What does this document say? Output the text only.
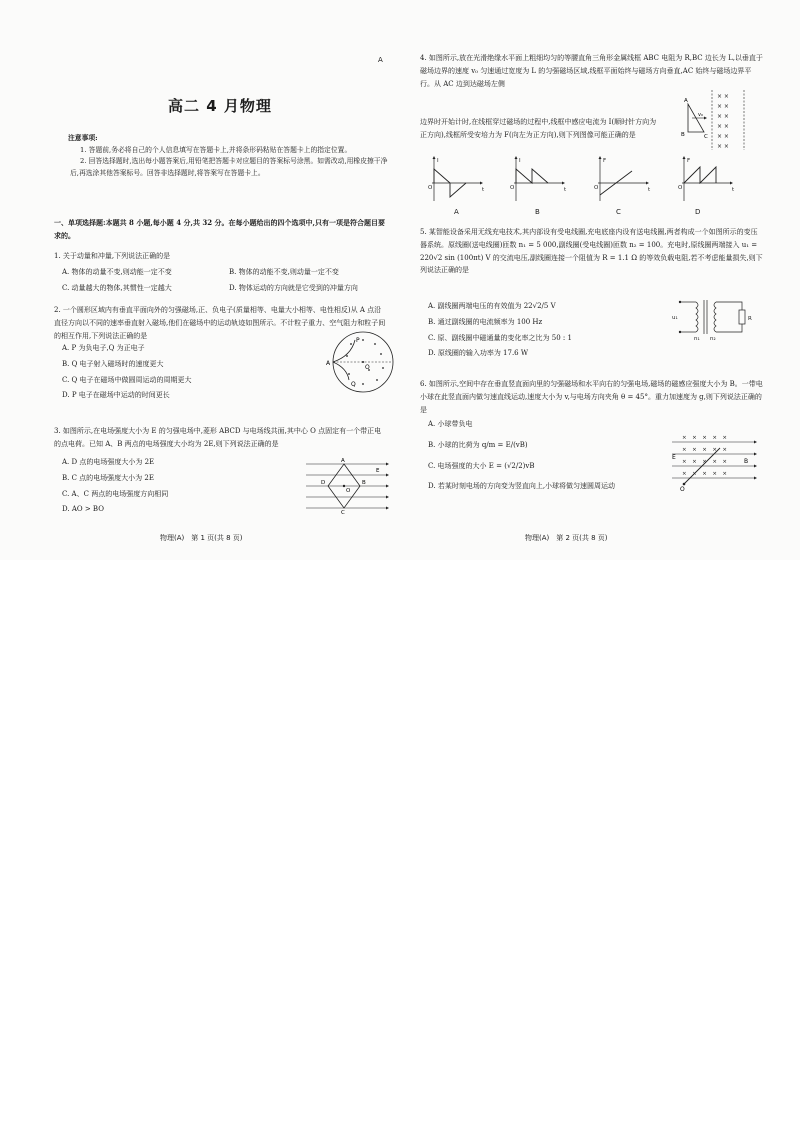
A
高二 4 月物理
注意事项:

1. 答题前,务必将自己的个人信息填写在答题卡上,并将条形码粘贴在答题卡上的指定位置。

2. 回答选择题时,选出每小题答案后,用铅笔把答题卡对应题目的答案标号涂黑。如需改动,用橡皮擦干净后,再选涂其他答案标号。回答非选择题时,将答案写在答题卡上。

一、单项选择题:本题共 8 小题,每小题 4 分,共 32 分。在每小题给出的四个选项中,只有一项是符合题目要求的。

1. 关于动量和冲量,下列说法正确的是

A. 物体的动量不变,则动能一定不变	B. 物体的动能不变,则动量一定不变
C. 动量越大的物体,其惯性一定越大	D. 物体运动的方向就是它受到的冲量方向

2. 一个圆形区域内有垂直平面向外的匀强磁场,正、负电子(质量相等、电量大小相等、电性相反)从 A 点沿直径方向以不同的速率垂直射入磁场,他们在磁场中的运动轨迹如图所示。不计粒子重力、空气阻力和粒子间的相互作用,下列说法正确的是

A. P 为负电子,Q 为正电子

B. Q 电子射入磁场时的速度更大

C. Q 电子在磁场中做圆周运动的周期更大

D. P 电子在磁场中运动的时间更长

A
O
P
Q

3. 如图所示,在电场强度大小为 E 的匀强电场中,菱形 ABCD 与电场线共面,其中心 O 点固定有一个带正电的点电荷。已知 A、B 两点的电场强度大小均为 2E,则下列说法正确的是

A. D 点的电场强度大小为 2E

B. C 点的电场强度大小为 2E

C. A、C 两点的电场强度方向相同

D. AO > BO

A
B
C
D
O
E
物理(A)　第 1 页(共 8 页)

4. 如图所示,放在光滑绝缘水平面上粗细均匀的等腰直角三角形金属线框 ABC 电阻为 R,BC 边长为 L,以垂直于磁场边界的速度 v₀ 匀速通过宽度为 L 的匀强磁场区域,线框平面始终与磁场方向垂直,AC 始终与磁场边界平行。从 AC 边到达磁场左侧

边界时开始计时,在线框穿过磁场的过程中,线框中感应电流为 I(顺时针方向为正方向),线框所受安培力为 F(向左为正方向),则下列图像可能正确的是

× ×
× ×
× ×
× ×
× ×
× ×
A
B	C
v₀
I
t
O
I
t
O
F
t
O
F
t
O
A	B	C	D

5. 某智能设备采用无线充电技术,其内部设有受电线圈,充电底座内设有送电线圈,两者构成一个如图所示的变压器系统。原线圈(送电线圈)匝数 n₁ = 5 000,副线圈(受电线圈)匝数 n₂ = 100。充电时,原线圈两端接入 u₁ = 220√2 sin (100πt) V 的交流电压,副线圈连接一个阻值为 R = 1.1 Ω 的等效负载电阻,若不考虑能量损失,则下列说法正确的是

A. 副线圈两端电压的有效值为 22√2/5 V

B. 通过副线圈的电流频率为 100 Hz

C. 原、副线圈中磁通量的变化率之比为 50 : 1

D. 原线圈的输入功率为 17.6 W

u₁
n₁ n₂
R

6. 如图所示,空间中存在垂直竖直面向里的匀强磁场和水平向右的匀强电场,磁场的磁感应强度大小为 B。一带电小球在此竖直面内做匀速直线运动,速度大小为 v,与电场方向夹角 θ = 45°。重力加速度为 g,则下列说法正确的是

A. 小球带负电

B. 小球的比荷为 q/m = E/(vB)

C. 电场强度的大小 E = (√2/2)vB

D. 若某时刻电场的方向变为竖直向上,小球将做匀速圆周运动

×　×　×　×　×
×　×　×　×　×
×　×　×　×　×
×　×　×　×　×
E
B
O
物理(A)　第 2 页(共 8 页)
